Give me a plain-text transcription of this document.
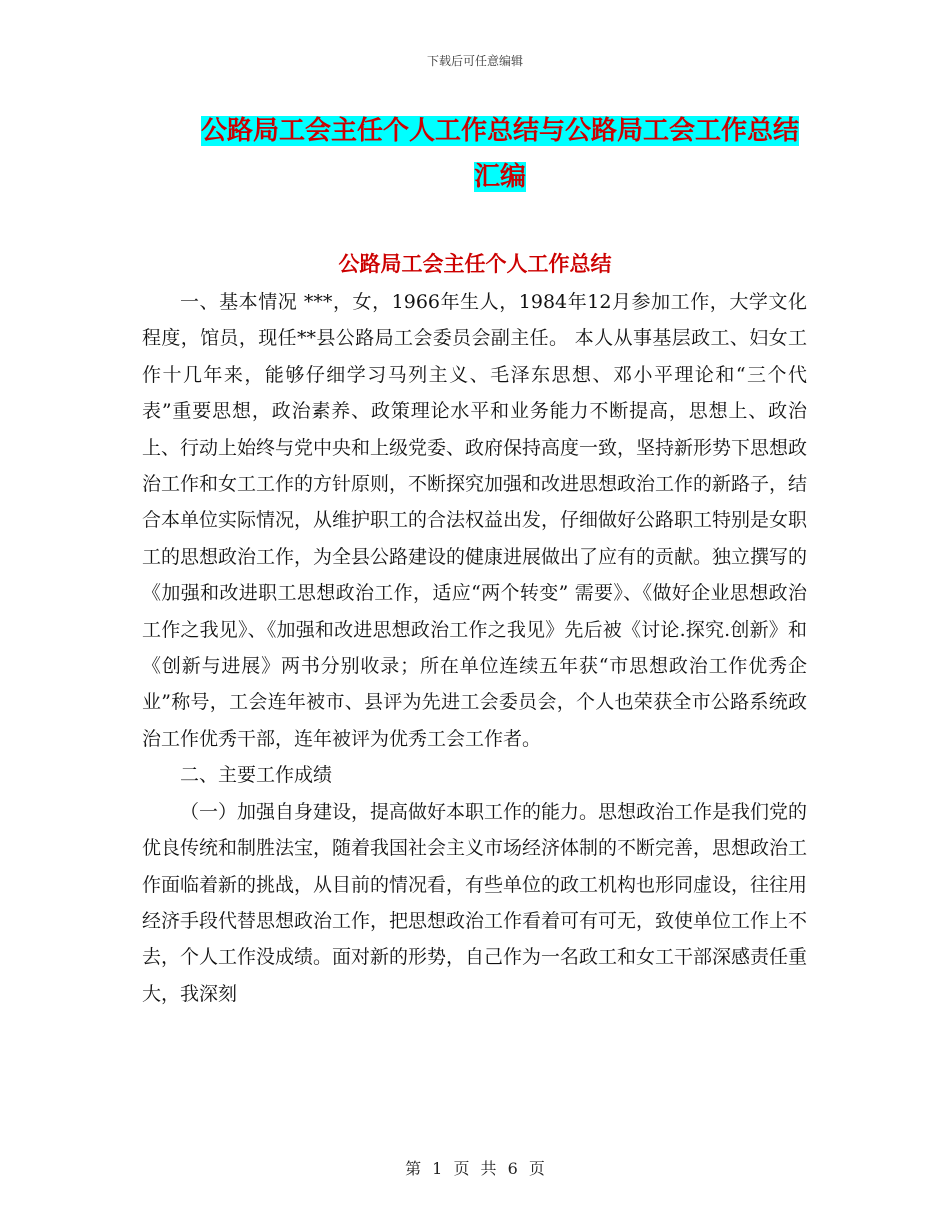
下载后可任意编辑
公路局工会主任个人工作总结与公路局工会工作总结
汇编
公路局工会主任个人工作总结

一、基本情况 ***，女，1966年生人，1984年12月参加工作，大学文化程度，馆员，现任**县公路局工会委员会副主任。 本人从事基层政工、妇女工作十几年来，能够仔细学习马列主义、毛泽东思想、邓小平理论和“三个代表”重要思想，政治素养、政策理论水平和业务能力不断提高，思想上、政治上、行动上始终与党中央和上级党委、政府保持高度一致，坚持新形势下思想政治工作和女工工作的方针原则，不断探究加强和改进思想政治工作的新路子，结合本单位实际情况，从维护职工的合法权益出发，仔细做好公路职工特别是女职工的思想政治工作，为全县公路建设的健康进展做出了应有的贡献。独立撰写的《加强和改进职工思想政治工作，适应“两个转变” 需要》、《做好企业思想政治工作之我见》、《加强和改进思想政治工作之我见》先后被《讨论.探究.创新》和《创新与进展》两书分别收录；所在单位连续五年获“市思想政治工作优秀企业”称号，工会连年被市、县评为先进工会委员会，个人也荣获全市公路系统政治工作优秀干部，连年被评为优秀工会工作者。

二、主要工作成绩

（一）加强自身建设，提高做好本职工作的能力。思想政治工作是我们党的优良传统和制胜法宝，随着我国社会主义市场经济体制的不断完善，思想政治工作面临着新的挑战，从目前的情况看，有些单位的政工机构也形同虚设，往往用经济手段代替思想政治工作，把思想政治工作看着可有可无，致使单位工作上不去，个人工作没成绩。面对新的形势，自己作为一名政工和女工干部深感责任重大，我深刻

第 1 页 共 6 页
